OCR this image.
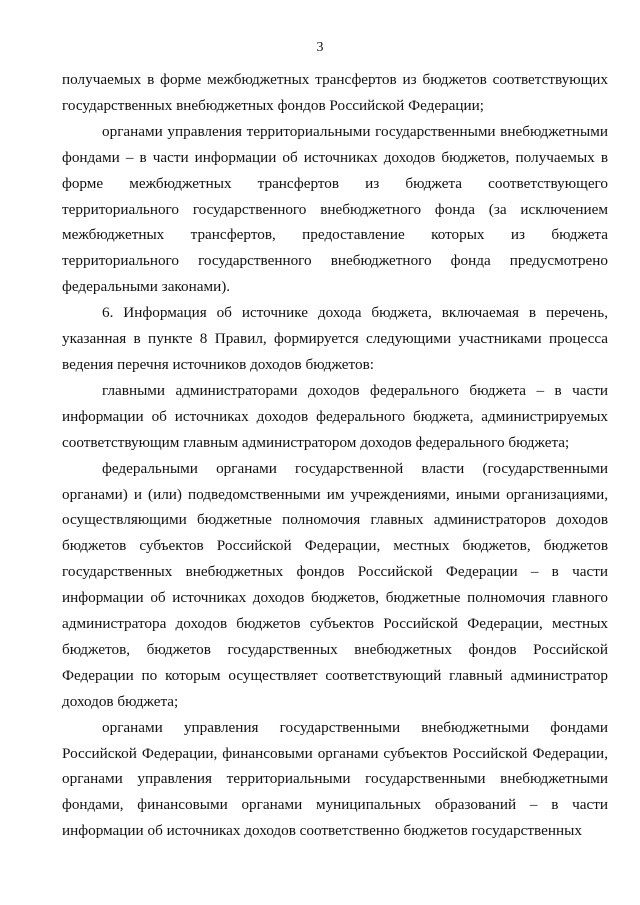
3

получаемых в форме межбюджетных трансфертов из бюджетов соответствующих государственных внебюджетных фондов Российской Федерации;

органами управления территориальными государственными внебюджетными фондами – в части информации об источниках доходов бюджетов, получаемых в форме межбюджетных трансфертов из бюджета соответствующего территориального государственного внебюджетного фонда (за исключением межбюджетных трансфертов, предоставление которых из бюджета территориального государственного внебюджетного фонда предусмотрено федеральными законами).

6. Информация об источнике дохода бюджета, включаемая в перечень, указанная в пункте 8 Правил, формируется следующими участниками процесса ведения перечня источников доходов бюджетов:

главными администраторами доходов федерального бюджета – в части информации об источниках доходов федерального бюджета, администрируемых соответствующим главным администратором доходов федерального бюджета;

федеральными органами государственной власти (государственными органами) и (или) подведомственными им учреждениями, иными организациями, осуществляющими бюджетные полномочия главных администраторов доходов бюджетов субъектов Российской Федерации, местных бюджетов, бюджетов государственных внебюджетных фондов Российской Федерации – в части информации об источниках доходов бюджетов, бюджетные полномочия главного администратора доходов бюджетов субъектов Российской Федерации, местных бюджетов, бюджетов государственных внебюджетных фондов Российской Федерации по которым осуществляет соответствующий главный администратор доходов бюджета;

органами управления государственными внебюджетными фондами Российской Федерации, финансовыми органами субъектов Российской Федерации, органами управления территориальными государственными внебюджетными фондами, финансовыми органами муниципальных образований – в части информации об источниках доходов соответственно бюджетов государственных
